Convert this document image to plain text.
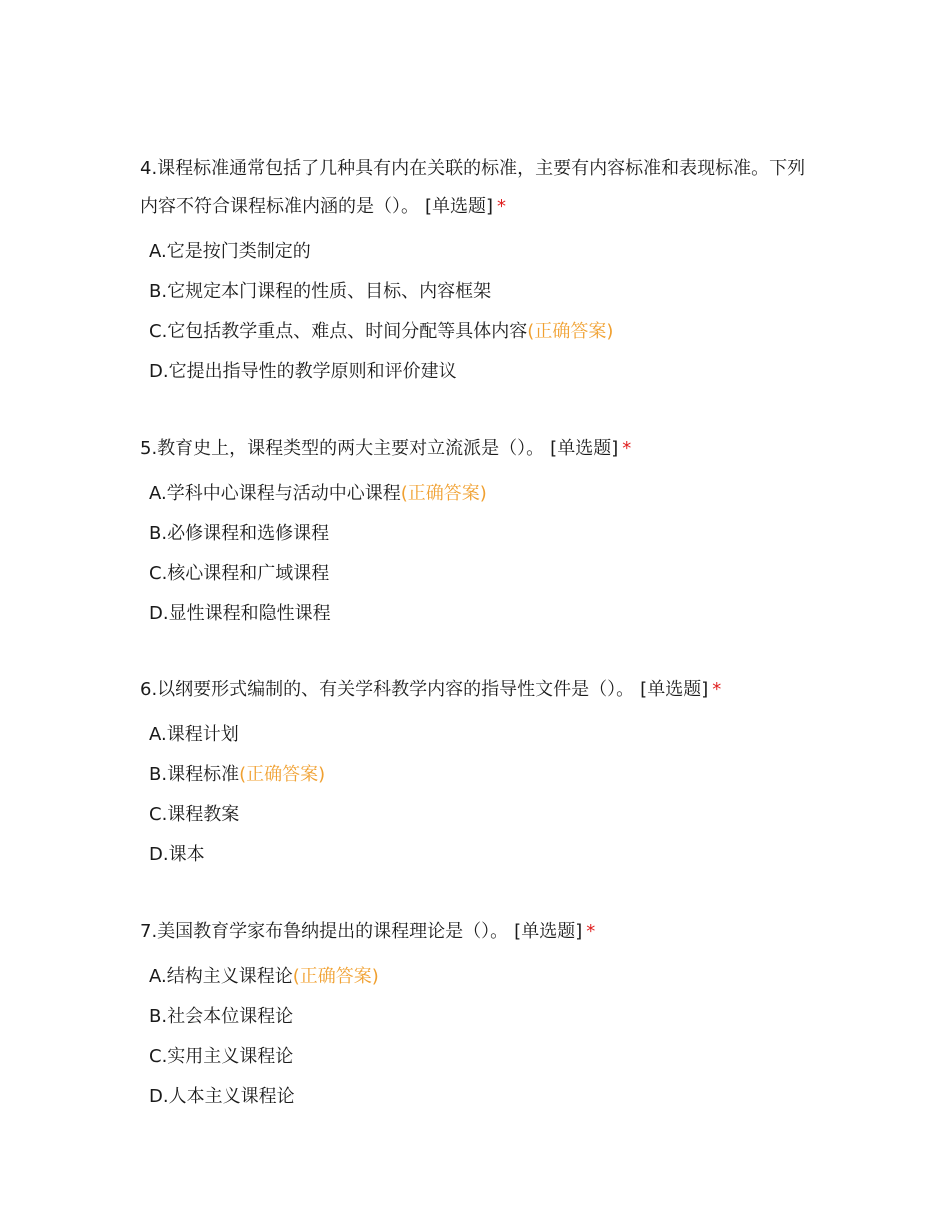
4.课程标准通常包括了几种具有内在关联的标准，主要有内容标准和表现标准。下列内容不符合课程标准内涵的是（）。 [单选题] *

A.它是按门类制定的
B.它规定本门课程的性质、目标、内容框架
C.它包括教学重点、难点、时间分配等具体内容(正确答案)
D.它提出指导性的教学原则和评价建议

5.教育史上，课程类型的两大主要对立流派是（）。 [单选题] *

A.学科中心课程与活动中心课程(正确答案)
B.必修课程和选修课程
C.核心课程和广域课程
D.显性课程和隐性课程

6.以纲要形式编制的、有关学科教学内容的指导性文件是（）。 [单选题] *

A.课程计划
B.课程标准(正确答案)
C.课程教案
D.课本

7.美国教育学家布鲁纳提出的课程理论是（）。 [单选题] *

A.结构主义课程论(正确答案)
B.社会本位课程论
C.实用主义课程论
D.人本主义课程论
